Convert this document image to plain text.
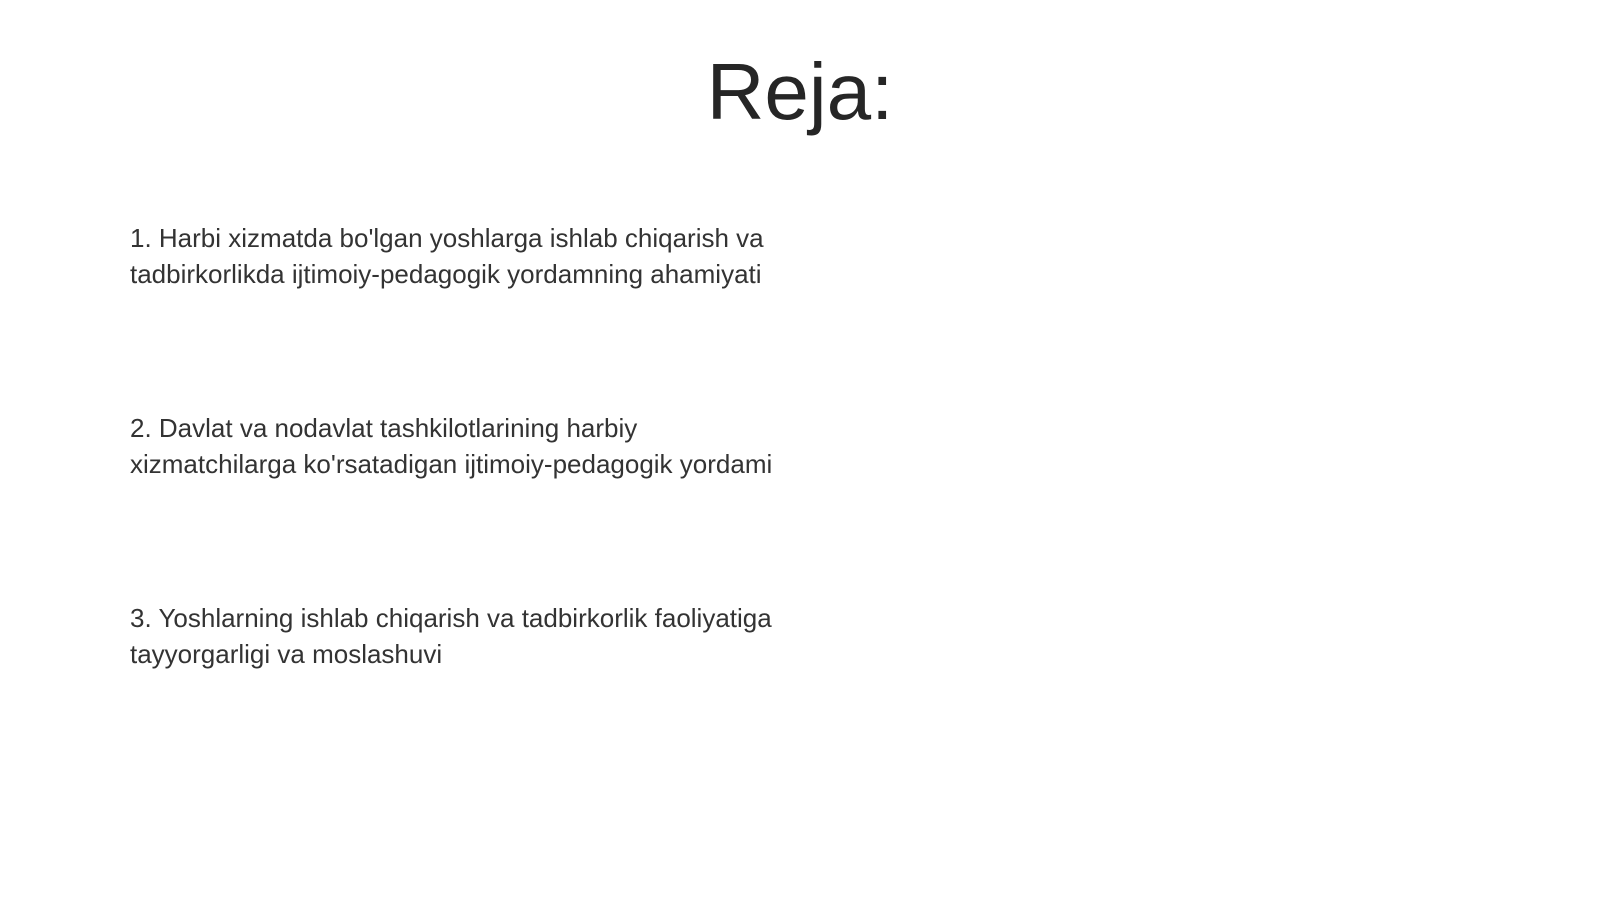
Reja:
1. Harbi xizmatda bo'lgan yoshlarga ishlab chiqarish va
tadbirkorlikda ijtimoiy-pedagogik yordamning ahamiyati
2. Davlat va nodavlat tashkilotlarining harbiy
xizmatchilarga ko'rsatadigan ijtimoiy-pedagogik yordami
3. Yoshlarning ishlab chiqarish va tadbirkorlik faoliyatiga
tayyorgarligi va moslashuvi
